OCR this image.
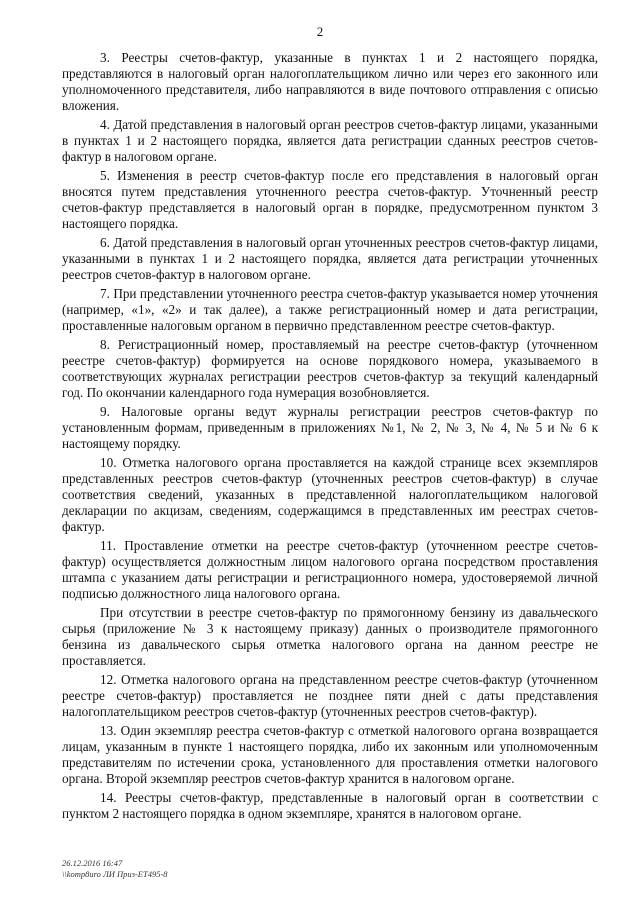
2

3. Реестры счетов-фактур, указанные в пунктах 1 и 2 настоящего порядка, представляются в налоговый орган налогоплательщиком лично или через его законного или уполномоченного представителя, либо направляются в виде почтового отправления с описью вложения.

4. Датой представления в налоговый орган реестров счетов-фактур лицами, указанными в пунктах 1 и 2 настоящего порядка, является дата регистрации сданных реестров счетов-фактур в налоговом органе.

5. Изменения в реестр счетов-фактур после его представления в налоговый орган вносятся путем представления уточненного реестра счетов-фактур. Уточненный реестр счетов-фактур представляется в налоговый орган в порядке, предусмотренном пунктом 3 настоящего порядка.

6. Датой представления в налоговый орган уточненных реестров счетов-фактур лицами, указанными в пунктах 1 и 2 настоящего порядка, является дата регистрации уточненных реестров счетов-фактур в налоговом органе.

7. При представлении уточненного реестра счетов-фактур указывается номер уточнения (например, «1», «2» и так далее), а также регистрационный номер и дата регистрации, проставленные налоговым органом в первично представленном реестре счетов-фактур.

8. Регистрационный номер, проставляемый на реестре счетов-фактур (уточненном реестре счетов-фактур) формируется на основе порядкового номера, указываемого в соответствующих журналах регистрации реестров счетов-фактур за текущий календарный год. По окончании календарного года нумерация возобновляется.

9. Налоговые органы ведут журналы регистрации реестров счетов-фактур по установленным формам, приведенным в приложениях №1, № 2, № 3, № 4, № 5 и № 6 к настоящему порядку.

10. Отметка налогового органа проставляется на каждой странице всех экземпляров представленных реестров счетов-фактур (уточненных реестров счетов-фактур) в случае соответствия сведений, указанных в представленной налогоплательщиком налоговой декларации по акцизам, сведениям, содержащимся в представленных им реестрах счетов-фактур.

11. Проставление отметки на реестре счетов-фактур (уточненном реестре счетов-фактур) осуществляется должностным лицом налогового органа посредством проставления штампа с указанием даты регистрации и регистрационного номера, удостоверяемой личной подписью должностного лица налогового органа.

При отсутствии в реестре счетов-фактур по прямогонному бензину из давальческого сырья (приложение № 3 к настоящему приказу) данных о производителе прямогонного бензина из давальческого сырья отметка налогового органа на данном реестре не проставляется.

12. Отметка налогового органа на представленном реестре счетов-фактур (уточненном реестре счетов-фактур) проставляется не позднее пяти дней с даты представления налогоплательщиком реестров счетов-фактур (уточненных реестров счетов-фактур).

13. Один экземпляр реестра счетов-фактур с отметкой налогового органа возвращается лицам, указанным в пункте 1 настоящего порядка, либо их законным или уполномоченным представителям по истечении срока, установленного для проставления отметки налогового органа. Второй экземпляр реестров счетов-фактур хранится в налоговом органе.

14. Реестры счетов-фактур, представленные в налоговый орган в соответствии с пунктом 2 настоящего порядка в одном экземпляре, хранятся в налоговом органе.

26.12.2016 16:47
\\komp8uro ЛИ Приз-ЕТ495-8
